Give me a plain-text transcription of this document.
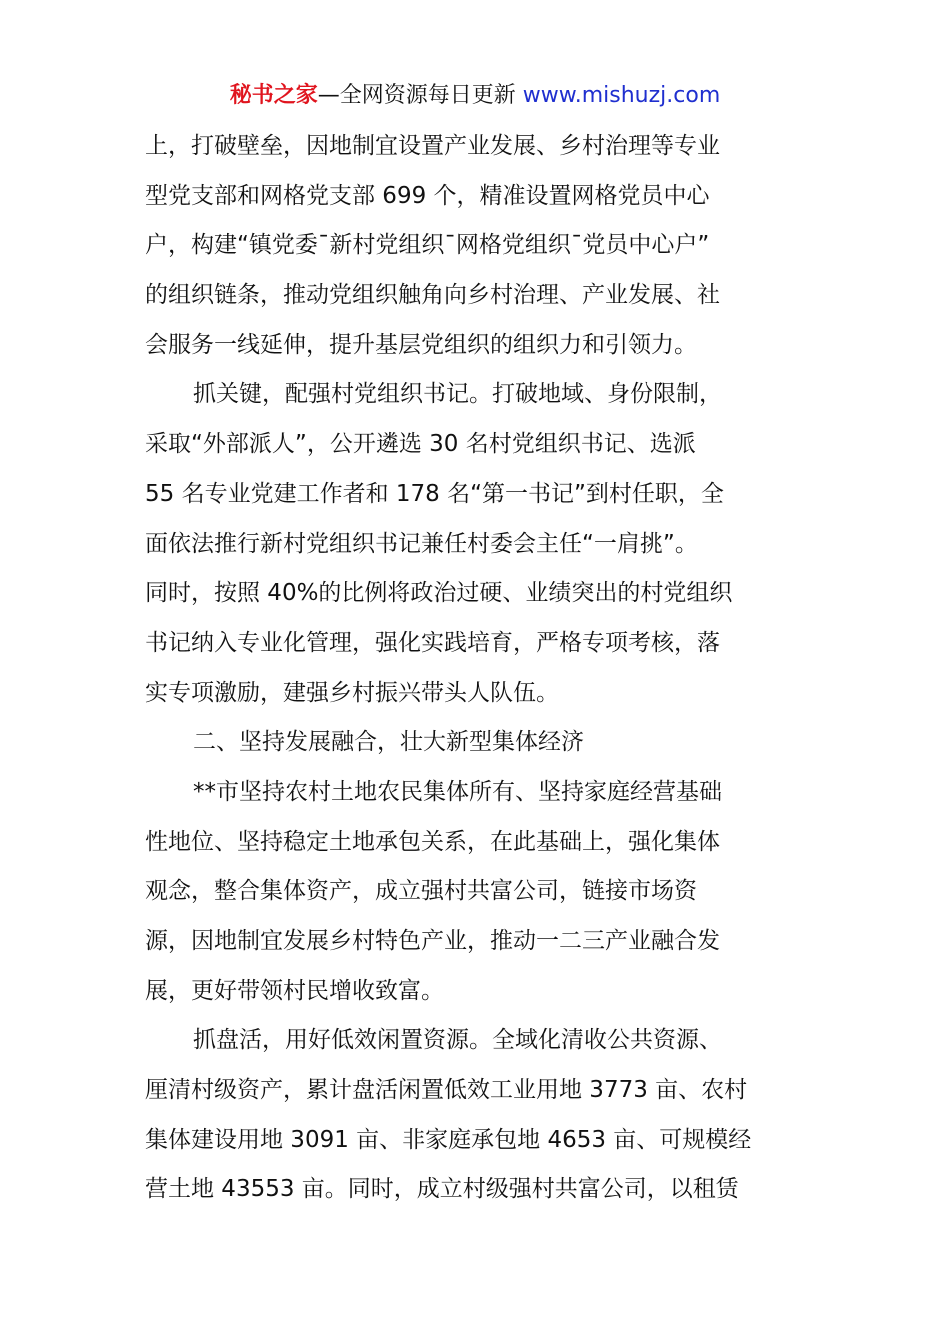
秘书之家—全网资源每日更新 www.mishuzj.com
上，打破壁垒，因地制宜设置产业发展、乡村治理等专业
型党支部和网格党支部 699 个，精准设置网格党员中心
户，构建“镇党委¯新村党组织¯网格党组织¯党员中心户”
的组织链条，推动党组织触角向乡村治理、产业发展、社
会服务一线延伸，提升基层党组织的组织力和引领力。
抓关键，配强村党组织书记。打破地域、身份限制，
采取“外部派人”，公开遴选 30 名村党组织书记、选派
55 名专业党建工作者和 178 名“第一书记”到村任职，全
面依法推行新村党组织书记兼任村委会主任“一肩挑”。
同时，按照 40%的比例将政治过硬、业绩突出的村党组织
书记纳入专业化管理，强化实践培育，严格专项考核，落
实专项激励，建强乡村振兴带头人队伍。
二、坚持发展融合，壮大新型集体经济
**市坚持农村土地农民集体所有、坚持家庭经营基础
性地位、坚持稳定土地承包关系，在此基础上，强化集体
观念，整合集体资产，成立强村共富公司，链接市场资
源，因地制宜发展乡村特色产业，推动一二三产业融合发
展，更好带领村民增收致富。
抓盘活，用好低效闲置资源。全域化清收公共资源、
厘清村级资产，累计盘活闲置低效工业用地 3773 亩、农村
集体建设用地 3091 亩、非家庭承包地 4653 亩、可规模经
营土地 43553 亩。同时，成立村级强村共富公司，以租赁
